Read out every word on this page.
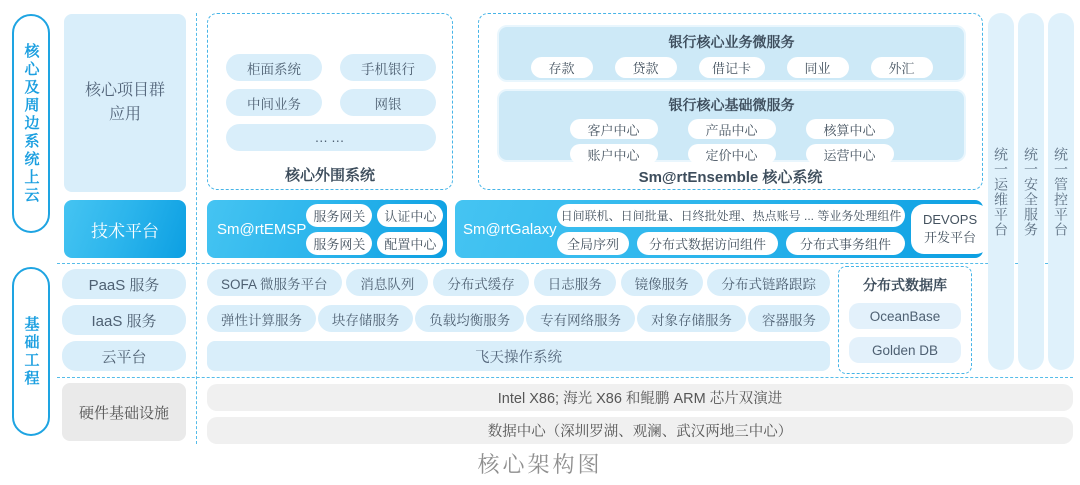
核心及周边系统上云
基础工程
核心项目群应用
技术平台
PaaS 服务
IaaS 服务
云平台
硬件基础设施
柜面系统	手机银行
中间业务	网银
……
核心外围系统
银行核心业务微服务
存款	贷款	借记卡	同业	外汇
银行核心基础微服务
客户中心	产品中心	核算中心
账户中心	定价中心	运营中心
Sm@rtEnsemble 核心系统
Sm@rtEMSP
服务网关	认证中心
服务网关	配置中心
Sm@rtGalaxy
日间联机、日间批量、日终批处理、热点账号 ... 等业务处理组件
全局序列	分布式数据访问组件	分布式事务组件
DEVOPS
开发平台
SOFA 微服务平台	消息队列	分布式缓存	日志服务	镜像服务	分布式链路跟踪
弹性计算服务	块存储服务	负载均衡服务	专有网络服务	对象存储服务	容器服务
飞天操作系统
分布式数据库
OceanBase
Golden DB
Intel X86; 海光 X86 和鲲鹏 ARM 芯片双演进
数据中心（深圳罗湖、观澜、武汉两地三中心）
统一运维平台 统一安全服务 统一管控平台
核心架构图
